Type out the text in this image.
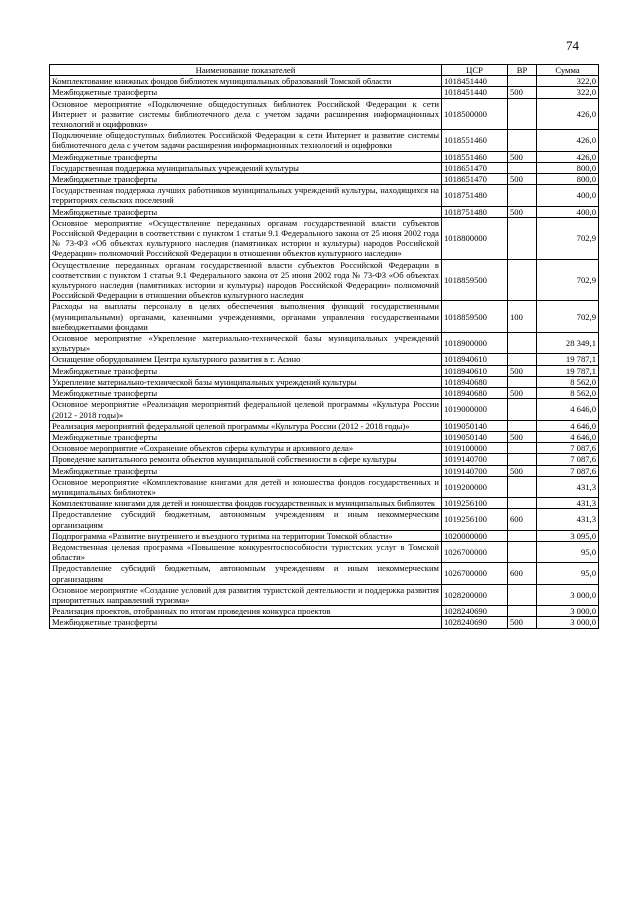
74
Наименование показателей	ЦСР	ВР	Сумма
Комплектование книжных фондов библиотек муниципальных образований Томской области	1018451440		322,0
Межбюджетные трансферты	1018451440	500	322,0
Основное мероприятие «Подключение общедоступных библиотек Российской Федерации к сети Интернет и развитие системы библиотечного дела с учетом задачи расширения информационных технологий и оцифровки»	1018500000		426,0
Подключение общедоступных библиотек Российской Федерации к сети Интернет и развитие системы библиотечного дела с учетом задачи расширения информационных технологий и оцифровки	1018551460		426,0
Межбюджетные трансферты	1018551460	500	426,0
Государственная поддержка муниципальных учреждений культуры	1018651470		800,0
Межбюджетные трансферты	1018651470	500	800,0
Государственная поддержка лучших работников муниципальных учреждений культуры, находящихся на территориях сельских поселений	1018751480		400,0
Межбюджетные трансферты	1018751480	500	400,0
Основное мероприятие «Осуществление переданных органам государственной власти субъектов Российской Федерации в соответствии с пунктом 1 статьи 9.1 Федерального закона от 25 июня 2002 года № 73-ФЗ «Об объектах культурного наследия (памятниках истории и культуры) народов Российской Федерации» полномочий Российской Федерации в отношении объектов культурного наследия»	1018800000		702,9
Осуществление переданных органам государственной власти субъектов Российской Федерации в соответствии с пунктом 1 статьи 9.1 Федерального закона от 25 июня 2002 года № 73-ФЗ «Об объектах культурного наследия (памятниках истории и культуры) народов Российской Федерации» полномочий Российской Федерации в отношении объектов культурного наследия	1018859500		702,9
Расходы на выплаты персоналу в целях обеспечения выполнения функций государственными (муниципальными) органами, казенными учреждениями, органами управления государственными внебюджетными фондами	1018859500	100	702,9
Основное мероприятие «Укрепление материально-технической базы муниципальных учреждений культуры»	1018900000		28 349,1
Оснащение оборудованием Центра культурного развития в г. Асино	1018940610		19 787,1
Межбюджетные трансферты	1018940610	500	19 787,1
Укрепление материально-технической базы муниципальных учреждений культуры	1018940680		8 562,0
Межбюджетные трансферты	1018940680	500	8 562,0
Основное мероприятие «Реализация мероприятий федеральной целевой программы «Культура России (2012 - 2018 годы)»	1019000000		4 646,0
Реализация мероприятий федеральной целевой программы «Культура России (2012 - 2018 годы)»	1019050140		4 646,0
Межбюджетные трансферты	1019050140	500	4 646,0
Основное мероприятие «Сохранение объектов сферы культуры и архивного дела»	1019100000		7 087,6
Проведение капитального ремонта объектов муниципальной собственности в сфере культуры	1019140700		7 087,6
Межбюджетные трансферты	1019140700	500	7 087,6
Основное мероприятие «Комплектование книгами для детей и юношества фондов государственных и муниципальных библиотек»	1019200000		431,3
Комплектование книгами для детей и юношества фондов государственных и муниципальных библиотек	1019256100		431,3
Предоставление субсидий бюджетным, автономным учреждениям и иным некоммерческим организациям	1019256100	600	431,3
Подпрограмма «Развитие внутреннего и въездного туризма на территории Томской области»	1020000000		3 095,0
Ведомственная целевая программа «Повышение конкурентоспособности туристских услуг в Томской области»	1026700000		95,0
Предоставление субсидий бюджетным, автономным учреждениям и иным некоммерческим организациям	1026700000	600	95,0
Основное мероприятие «Создание условий для развития туристской деятельности и поддержка развития приоритетных направлений туризма»	1028200000		3 000,0
Реализация проектов, отобранных по итогам проведения конкурса проектов	1028240690		3 000,0
Межбюджетные трансферты	1028240690	500	3 000,0
